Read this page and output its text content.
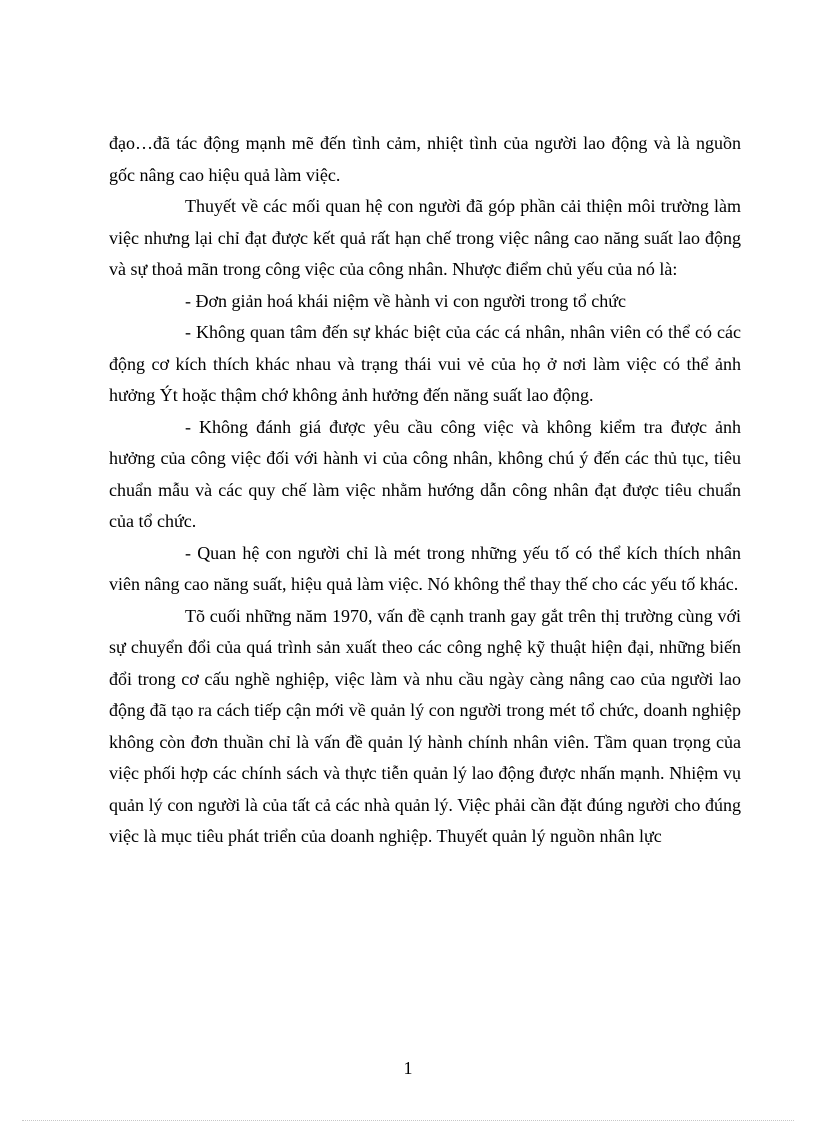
đạo…đã tác động mạnh mẽ đến tình cảm, nhiệt tình của người lao động và là nguồn gốc nâng cao hiệu quả làm việc.

Thuyết về các mối quan hệ con người đã góp phần cải thiện môi trường làm việc nhưng lại chỉ đạt được kết quả rất hạn chế trong việc nâng cao năng suất lao động và sự thoả mãn trong công việc của công nhân. Nhược điểm chủ yếu của nó là:

- Đơn giản hoá khái niệm về hành vi con người trong tổ chức

- Không quan tâm đến sự khác biệt của các cá nhân, nhân viên có thể có các động cơ kích thích khác nhau và trạng thái vui vẻ của họ ở nơi làm việc có thể ảnh hưởng Ýt hoặc thậm chớ không ảnh hưởng đến năng suất lao động.

- Không đánh giá được yêu cầu công việc và không kiểm tra được ảnh hưởng của công việc đối với hành vi của công nhân, không chú ý đến các thủ tục, tiêu chuẩn mẫu và các quy chế làm việc nhằm hướng dẫn công nhân đạt được tiêu chuẩn của tổ chức.

- Quan hệ con người chỉ là mét trong những yếu tố có thể kích thích nhân viên nâng cao năng suất, hiệu quả làm việc. Nó không thể thay thế cho các yếu tố khác.

Tõ cuối những năm 1970, vấn đề cạnh tranh gay gắt trên thị trường cùng với sự chuyển đổi của quá trình sản xuất theo các công nghệ kỹ thuật hiện đại, những biến đổi trong cơ cấu nghề nghiệp, việc làm và nhu cầu ngày càng nâng cao của người lao động đã tạo ra cách tiếp cận mới về quản lý con người trong mét tổ chức, doanh nghiệp không còn đơn thuần chỉ là vấn đề quản lý hành chính nhân viên. Tầm quan trọng của việc phối hợp các chính sách và thực tiễn quản lý lao động được nhấn mạnh. Nhiệm vụ quản lý con người là của tất cả các nhà quản lý. Việc phải cần đặt đúng người cho đúng việc là mục tiêu phát triển của doanh nghiệp. Thuyết quản lý nguồn nhân lực

1
